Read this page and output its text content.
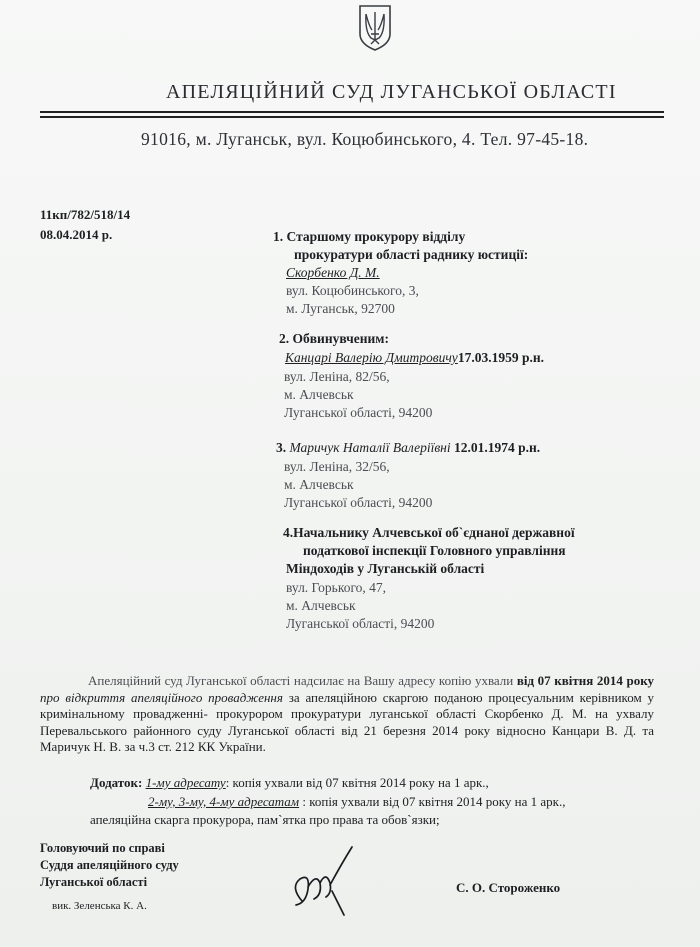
АПЕЛЯЦІЙНИЙ СУД ЛУГАНСЬКОЇ ОБЛАСТІ
91016, м. Луганськ, вул. Коцюбинського, 4. Тел. 97-45-18.
11кп/782/518/14
08.04.2014 р.	1. Старшому прокурору відділу
прокуратури області раднику юстиції:
Скорбенко Д. М.
вул. Коцюбинського, 3,
м. Луганськ, 92700
2. Обвинувченим:
Канцарі Валерію Дмитровичу17.03.1959 р.н.
вул. Леніна, 82/56,
м. Алчевськ
Луганської області, 94200
3. Маричук Наталії Валеріївні 12.01.1974 р.н.
вул. Леніна, 32/56,
м. Алчевськ
Луганської області, 94200
4.Начальнику Алчевської об`єднаної державної
податкової інспекції Головного управління
Міндоходів у Луганській області
вул. Горького, 47,
м. Алчевськ
Луганської області, 94200
Апеляційний суд Луганської області надсилає на Вашу адресу копію ухвали від 07 квітня 2014 року про відкриття апеляційного провадження за апеляційною скаргою поданою процесуальним керівником у кримінальному провадженні- прокурором прокуратури луганської області Скорбенко Д. М. на ухвалу Перевальського районного суду Луганської області від 21 березня 2014 року відносно Канцари В. Д. та Маричук Н. В. за ч.3 ст. 212 КК України.
Додаток: 1-му адресату: копія ухвали від 07 квітня 2014 року на 1 арк.,
2-му, 3-му, 4-му адресатам : копія ухвали від 07 квітня 2014 року на 1 арк.,
апеляційна скарга прокурора, пам`ятка про права та обов`язки;
Головуючий по справі
Суддя апеляційного суду
Луганської області	С. О. Стороженко
вик. Зеленська К. А.
